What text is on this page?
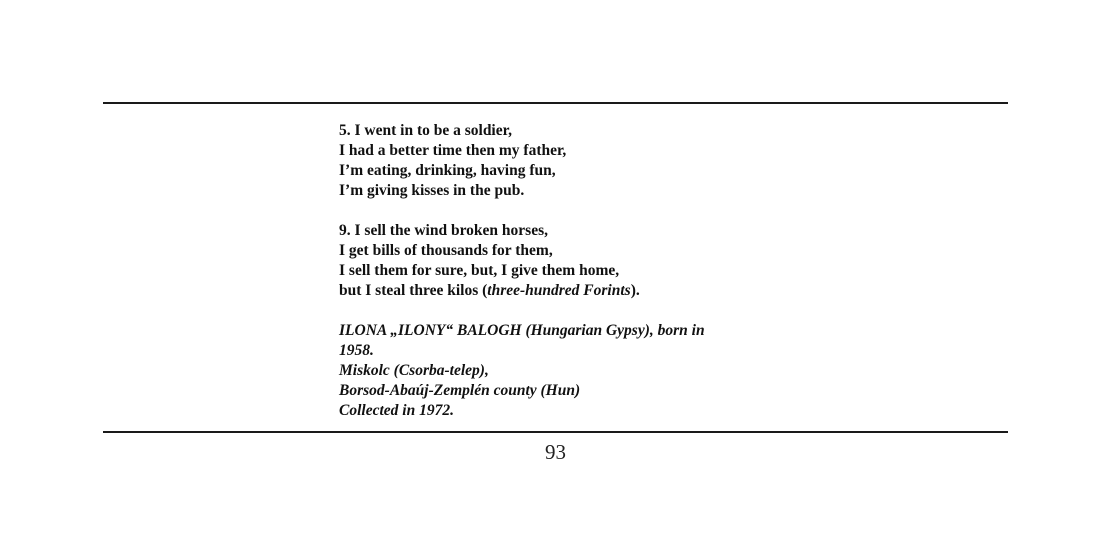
5. I went in to be a soldier,
I had a better time then my father,
I’m eating, drinking, having fun,
I’m giving kisses in the pub.
9. I sell the wind broken horses,
I get bills of thousands for them,
I sell them for sure, but, I give them home,
but I steal three kilos (three-hundred Forints).
ILONA „ILONY“ BALOGH (Hungarian Gypsy), born in
1958.
Miskolc (Csorba-telep),
Borsod-Abaúj-Zemplén county (Hun)
Collected in 1972.
93
